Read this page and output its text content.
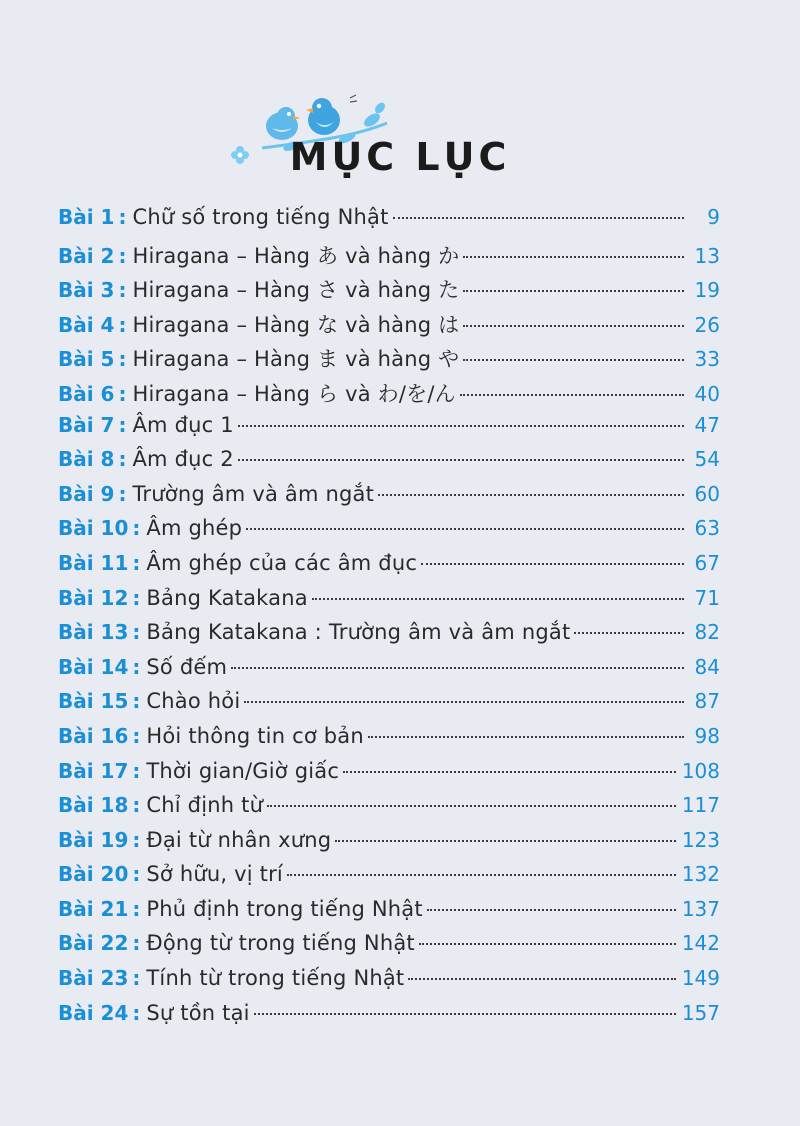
MỤC LỤC
Bài 1 : Chữ số trong tiếng Nhật	9
Bài 2 : Hiragana – Hàng あ và hàng か	13
Bài 3 : Hiragana – Hàng さ và hàng た	19
Bài 4 : Hiragana – Hàng な và hàng は	26
Bài 5 : Hiragana – Hàng ま và hàng や	33
Bài 6 : Hiragana – Hàng ら và わ/を/ん	40
Bài 7 : Âm đục 1	47
Bài 8 : Âm đục 2	54
Bài 9 : Trường âm và âm ngắt	60
Bài 10 : Âm ghép	63
Bài 11 : Âm ghép của các âm đục	67
Bài 12 : Bảng Katakana	71
Bài 13 : Bảng Katakana : Trường âm và âm ngắt	82
Bài 14 : Số đếm	84
Bài 15 : Chào hỏi	87
Bài 16 : Hỏi thông tin cơ bản	98
Bài 17 : Thời gian/Giờ giấc	108
Bài 18 : Chỉ định từ	117
Bài 19 : Đại từ nhân xưng	123
Bài 20 : Sở hữu, vị trí	132
Bài 21 : Phủ định trong tiếng Nhật	137
Bài 22 : Động từ trong tiếng Nhật	142
Bài 23 : Tính từ trong tiếng Nhật	149
Bài 24 : Sự tồn tại	157
